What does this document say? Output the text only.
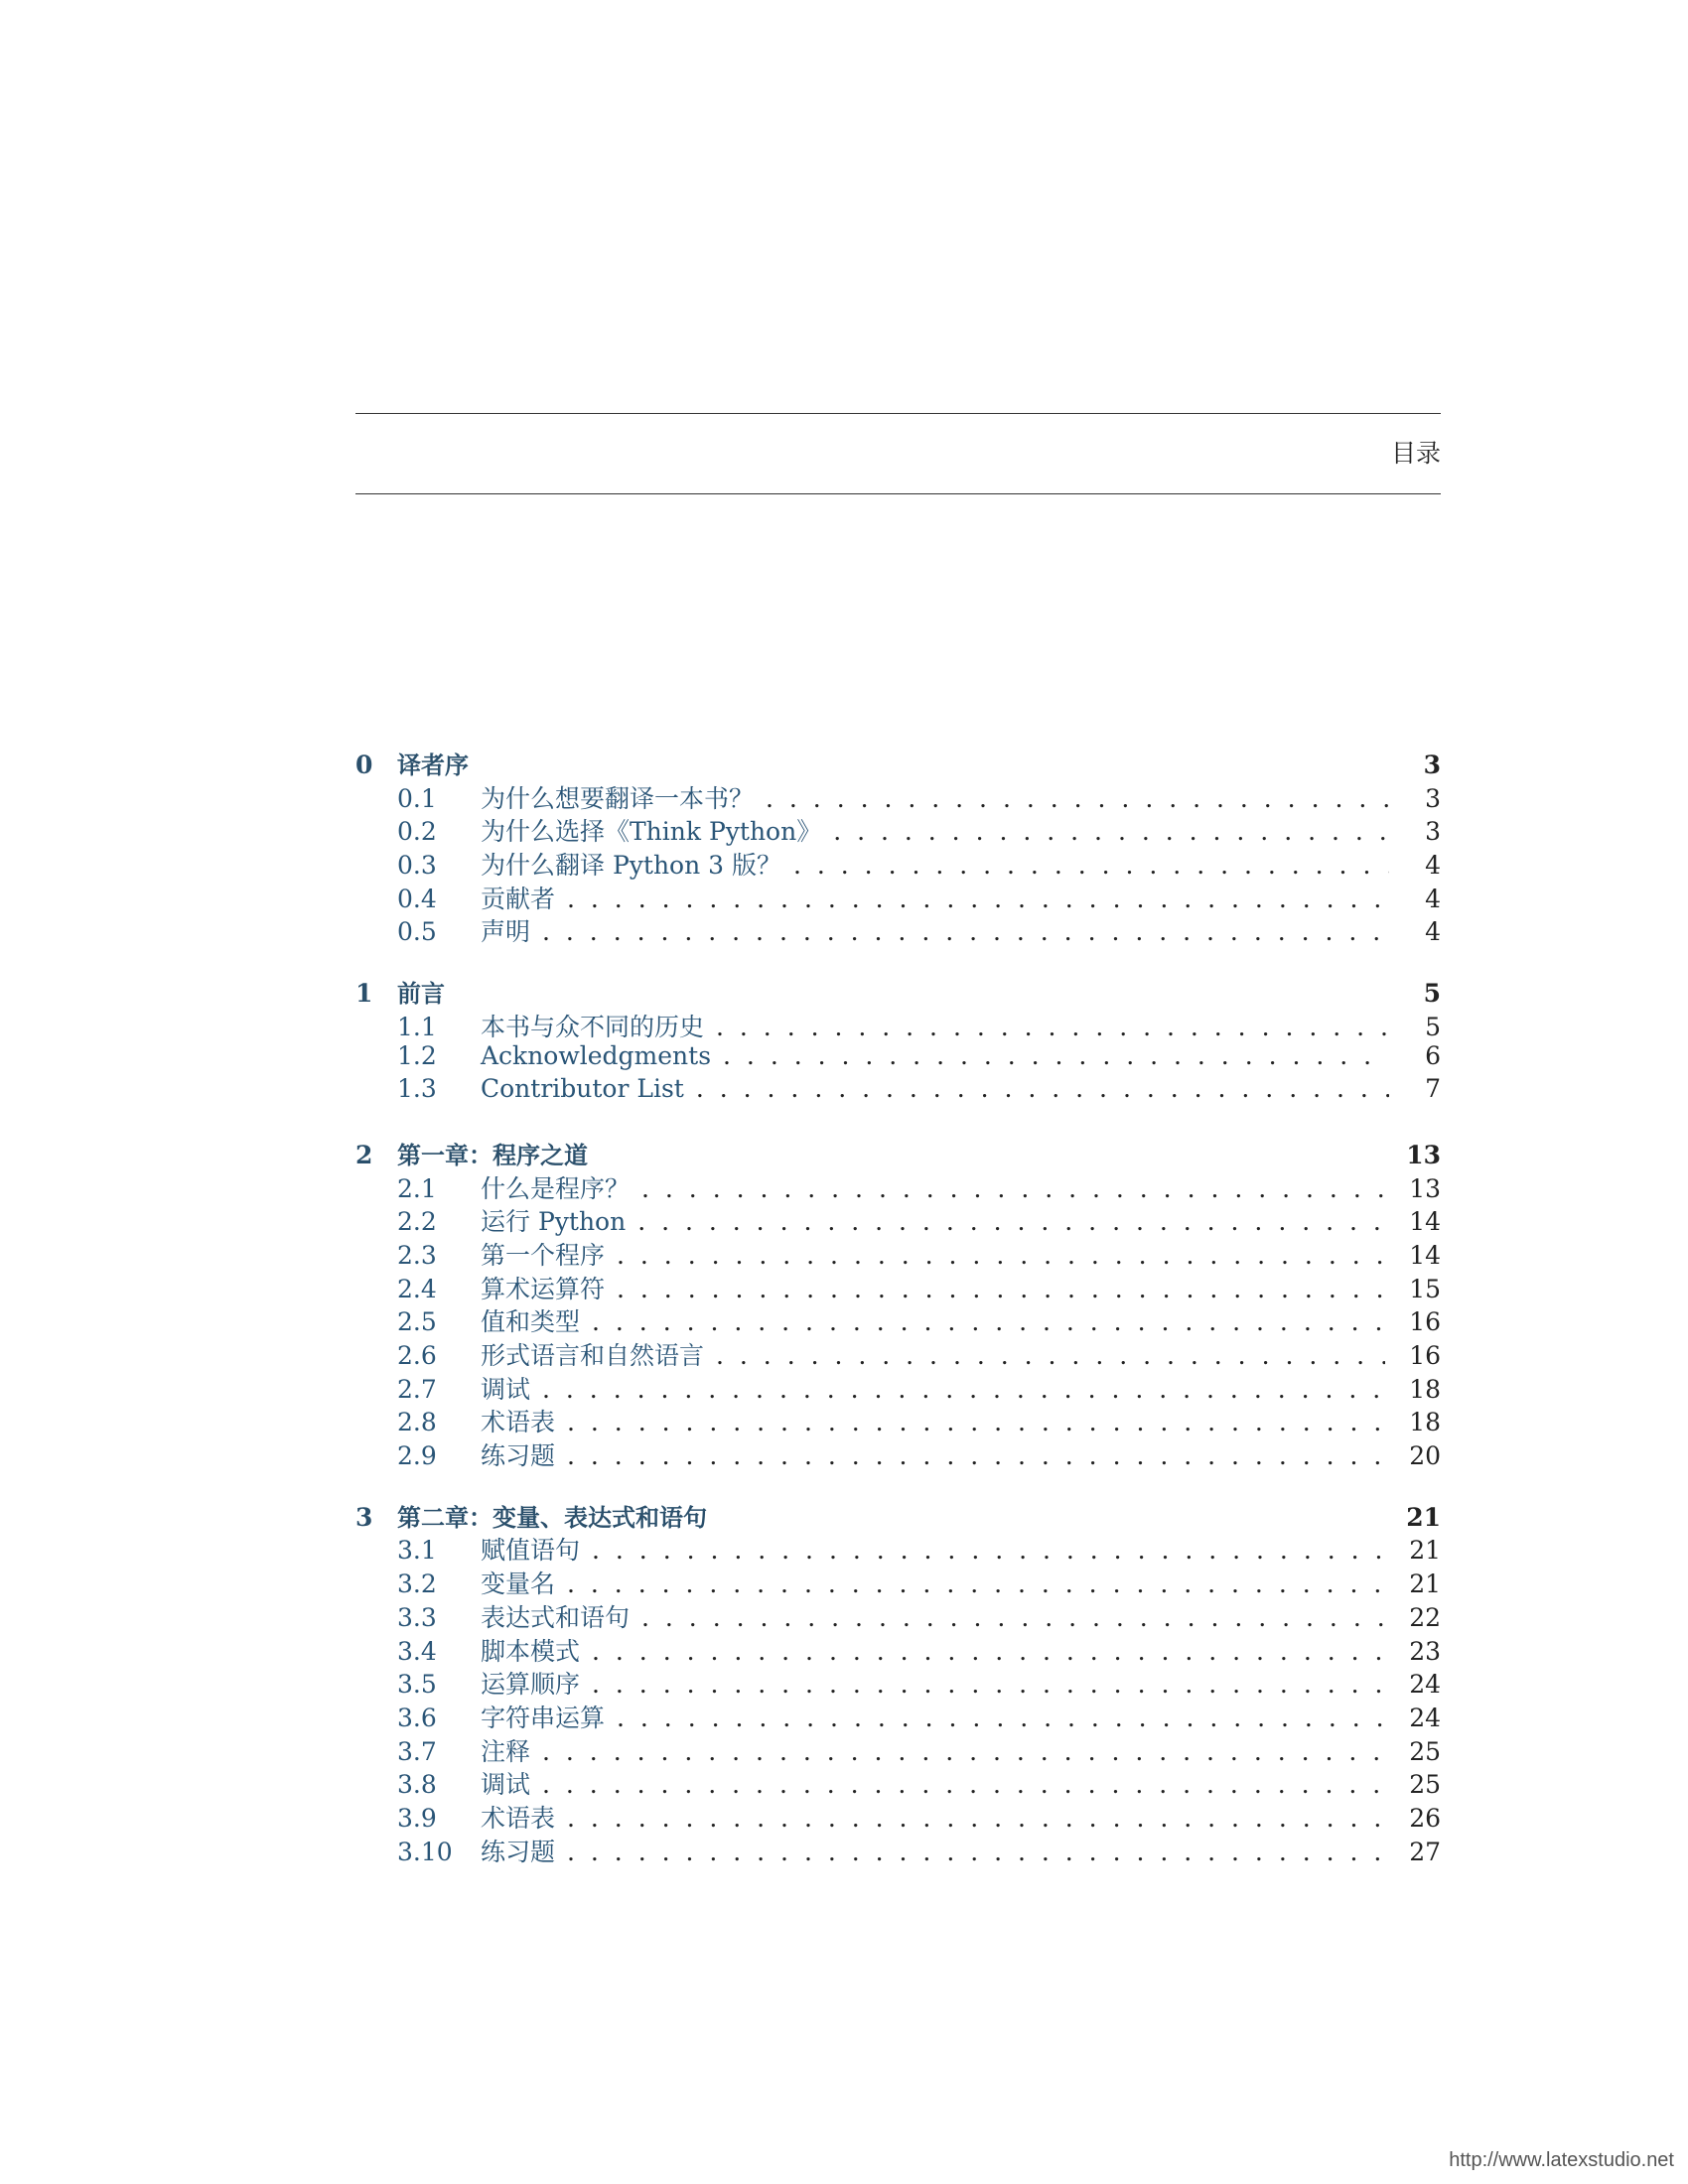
目录
0	译者序	3
0.1	为什么想要翻译一本书？ . . .	3
0.2	为什么选择《Think Python》 . . .	3
0.3	为什么翻译 Python 3 版？ . . .	4
0.4	贡献者 . . .	4
0.5	声明 . . .	4
1	前言	5
1.1	本书与众不同的历史 . . .	5
1.2	Acknowledgments . . .	6
1.3	Contributor List . . .	7
2	第一章：程序之道	13
2.1	什么是程序？ . . .	13
2.2	运行 Python . . .	14
2.3	第一个程序 . . .	14
2.4	算术运算符 . . .	15
2.5	值和类型 . . .	16
2.6	形式语言和自然语言 . . .	16
2.7	调试 . . .	18
2.8	术语表 . . .	18
2.9	练习题 . . .	20
3	第二章：变量、表达式和语句	21
3.1	赋值语句 . . .	21
3.2	变量名 . . .	21
3.3	表达式和语句 . . .	22
3.4	脚本模式 . . .	23
3.5	运算顺序 . . .	24
3.6	字符串运算 . . .	24
3.7	注释 . . .	25
3.8	调试 . . .	25
3.9	术语表 . . .	26
3.10	练习题 . . .	27
http://www.latexstudio.net
